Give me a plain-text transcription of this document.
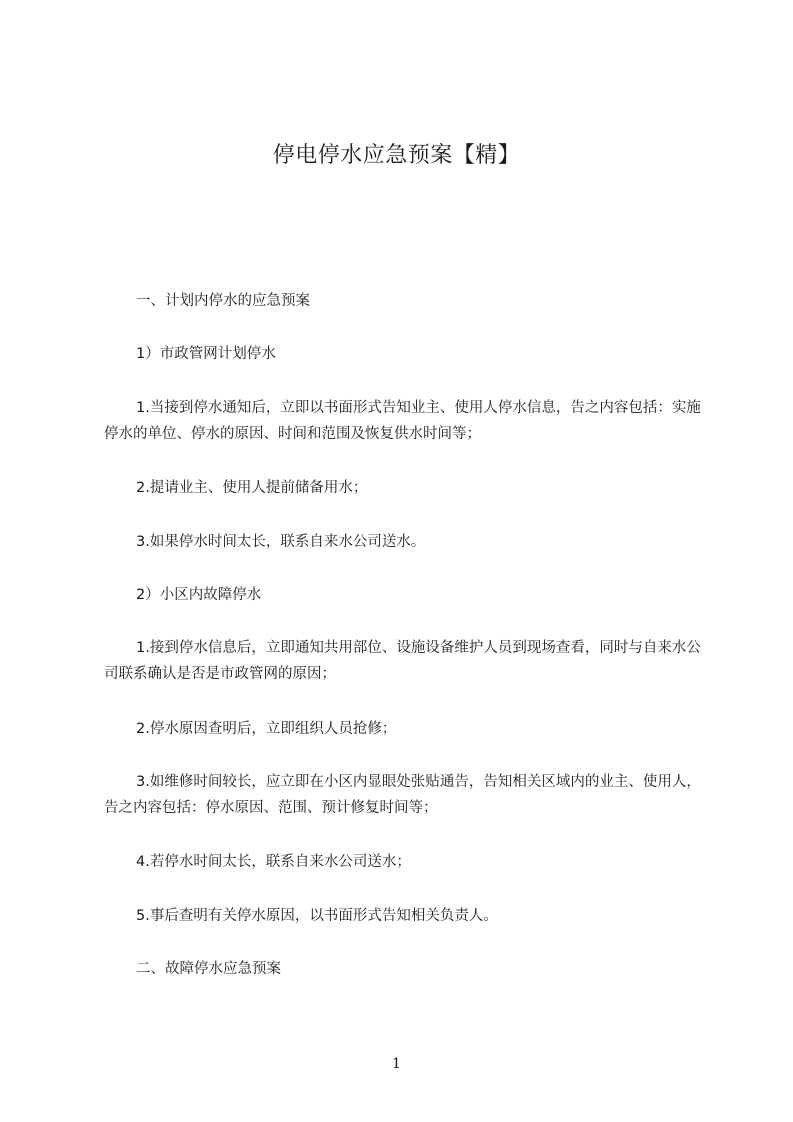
停电停水应急预案【精】

一、计划内停水的应急预案

1）市政管网计划停水

1.当接到停水通知后，立即以书面形式告知业主、使用人停水信息，告之内容包括：实施停水的单位、停水的原因、时间和范围及恢复供水时间等；

2.提请业主、使用人提前储备用水；

3.如果停水时间太长，联系自来水公司送水。

2）小区内故障停水

1.接到停水信息后，立即通知共用部位、设施设备维护人员到现场查看，同时与自来水公司联系确认是否是市政管网的原因；

2.停水原因查明后，立即组织人员抢修；

3.如维修时间较长，应立即在小区内显眼处张贴通告，告知相关区域内的业主、使用人，告之内容包括：停水原因、范围、预计修复时间等；

4.若停水时间太长，联系自来水公司送水；

5.事后查明有关停水原因，以书面形式告知相关负责人。

二、故障停水应急预案

1
